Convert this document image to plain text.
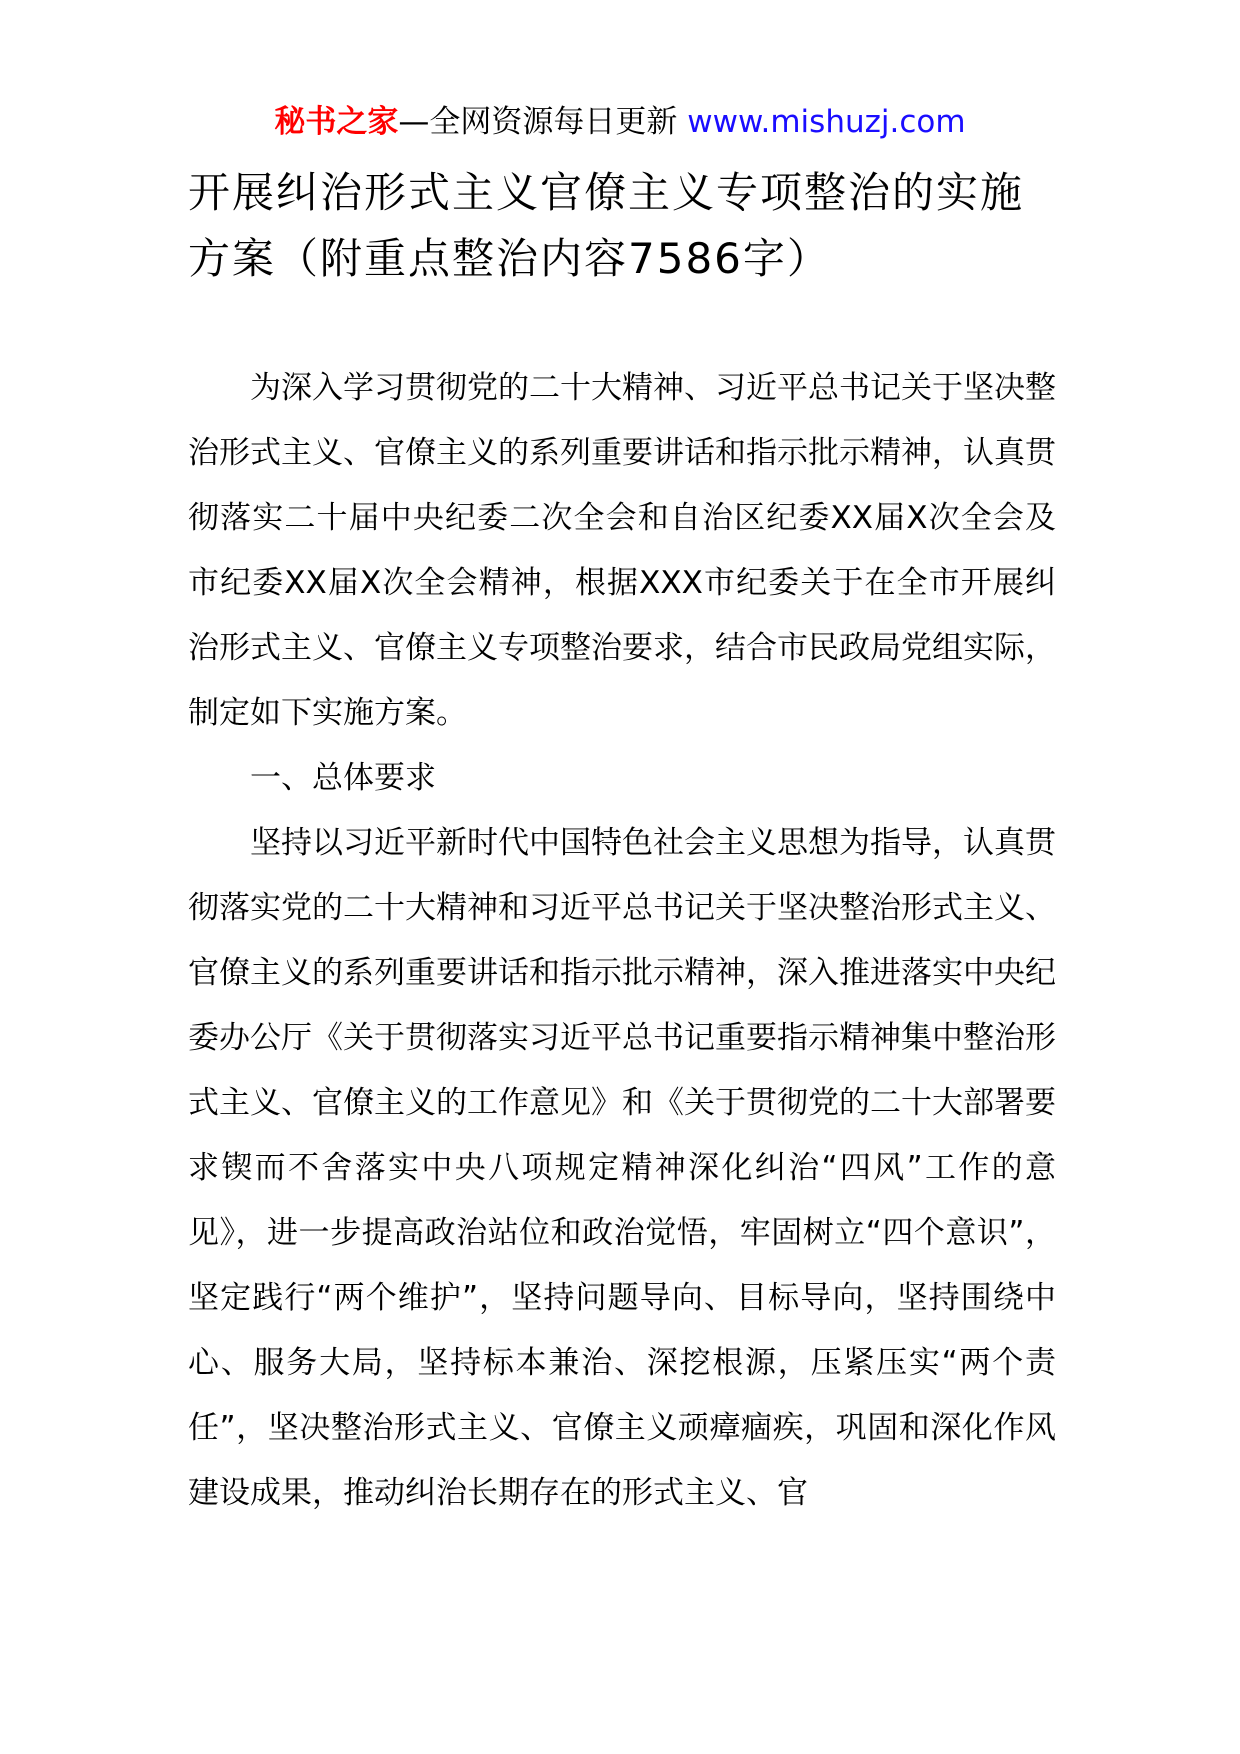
秘书之家—全网资源每日更新 www.mishuzj.com
开展纠治形式主义官僚主义专项整治的实施方案（附重点整治内容7586字）

为深入学习贯彻党的二十大精神、习近平总书记关于坚决整治形式主义、官僚主义的系列重要讲话和指示批示精神，认真贯彻落实二十届中央纪委二次全会和自治区纪委XX届X次全会及市纪委XX届X次全会精神，根据XXX市纪委关于在全市开展纠治形式主义、官僚主义专项整治要求，结合市民政局党组实际，制定如下实施方案。

一、总体要求

坚持以习近平新时代中国特色社会主义思想为指导，认真贯彻落实党的二十大精神和习近平总书记关于坚决整治形式主义、官僚主义的系列重要讲话和指示批示精神，深入推进落实中央纪委办公厅《关于贯彻落实习近平总书记重要指示精神集中整治形式主义、官僚主义的工作意见》和《关于贯彻党的二十大部署要求锲而不舍落实中央八项规定精神深化纠治“四风”工作的意见》，进一步提高政治站位和政治觉悟，牢固树立“四个意识”，坚定践行“两个维护”，坚持问题导向、目标导向，坚持围绕中心、服务大局，坚持标本兼治、深挖根源，压紧压实“两个责任”，坚决整治形式主义、官僚主义顽瘴痼疾，巩固和深化作风建设成果，推动纠治长期存在的形式主义、官
